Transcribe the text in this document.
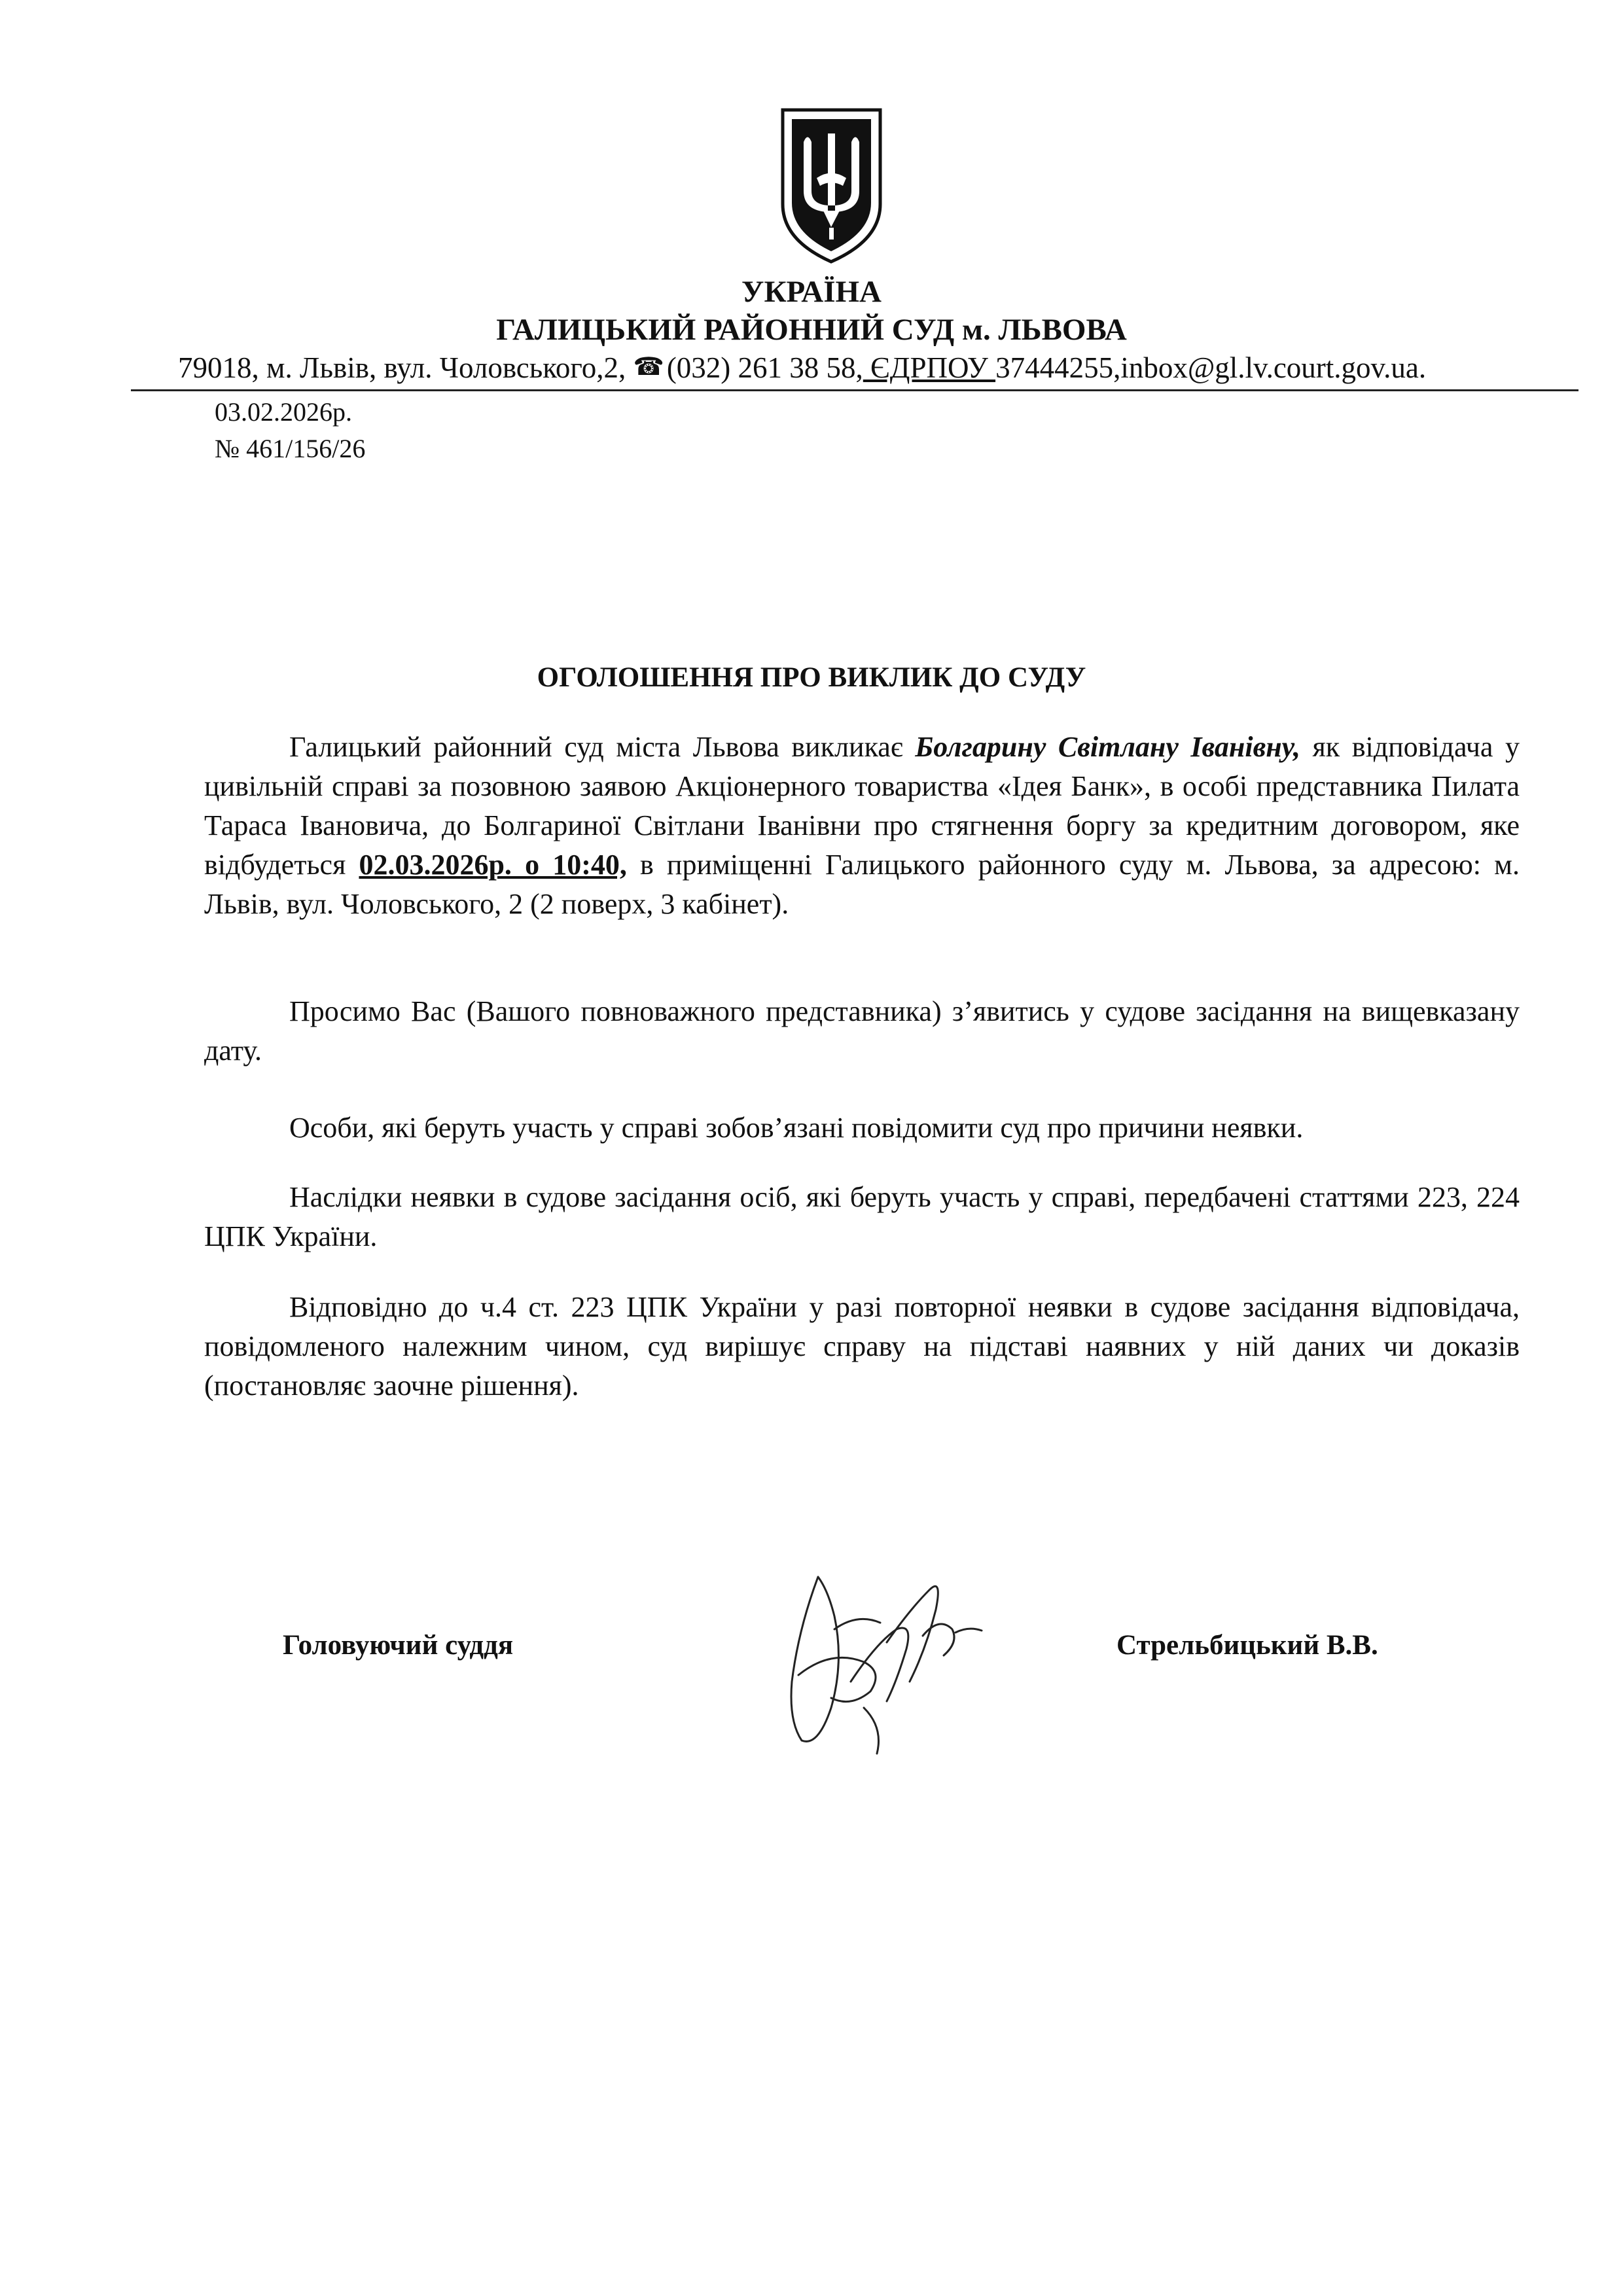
УКРАЇНА
ГАЛИЦЬКИЙ РАЙОННИЙ СУД м. ЛЬВОВА
79018, м. Львів, вул. Чоловського,2, ☎(032) 261 38 58, ЄДРПОУ 37444255,inbox@gl.lv.court.gov.ua.
03.02.2026р.
№ 461/156/26
ОГОЛОШЕННЯ ПРО ВИКЛИК ДО СУДУ

Галицький районний суд міста Львова викликає Болгарину Світлану Іванівну, як відповідача у цивільній справі за позовною заявою Акціонерного товариства «Ідея Банк», в особі представника Пилата Тараса Івановича, до Болгариної Світлани Іванівни про стягнення боргу за кредитним договором, яке відбудеться 02.03.2026р. о 10:40, в приміщенні Галицького районного суду м. Львова, за адресою: м. Львів, вул. Чоловського, 2 (2 поверх, 3 кабінет).

Просимо Вас (Вашого повноважного представника) з’явитись у судове засідання на вищевказану дату.

Особи, які беруть участь у справі зобов’язані повідомити суд про причини неявки.

Наслідки неявки в судове засідання осіб, які беруть участь у справі, передбачені статтями 223, 224 ЦПК України.

Відповідно до ч.4 ст. 223 ЦПК України у разі повторної неявки в судове засідання відповідача, повідомленого належним чином, суд вирішує справу на підставі наявних у ній даних чи доказів (постановляє заочне рішення).

Головуючий суддя	Стрельбицький В.В.
